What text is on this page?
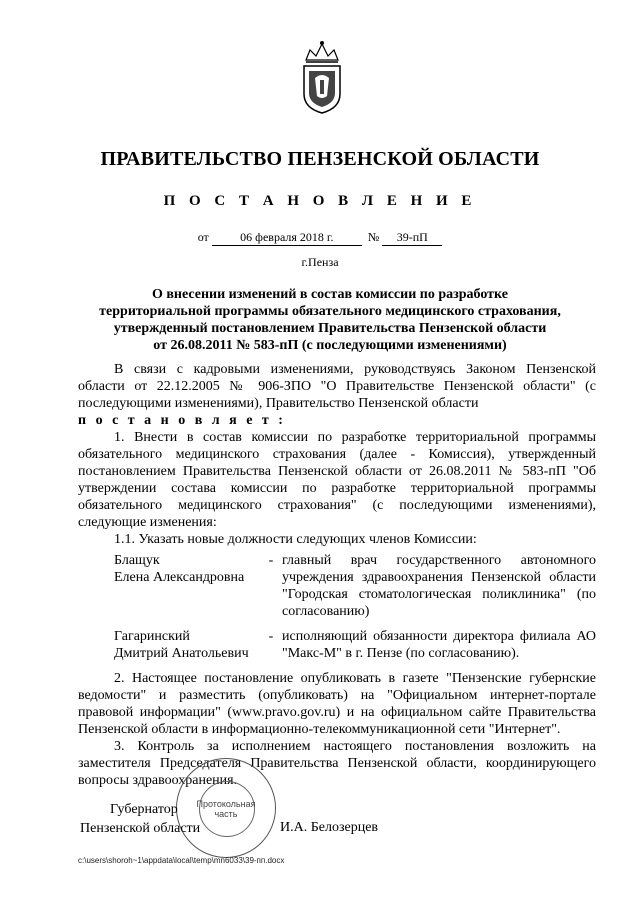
ПРАВИТЕЛЬСТВО ПЕНЗЕНСКОЙ ОБЛАСТИ
П О С Т А Н О В Л Е Н И Е
от	06 февраля 2018 г.	№ 39-пП
г.Пенза
О внесении изменений в состав комиссии по разработке
территориальной программы обязательного медицинского страхования,
утвержденный постановлением Правительства Пензенской области
от 26.08.2011 № 583-пП (с последующими изменениями)

В связи с кадровыми изменениями, руководствуясь Законом Пензенской области от 22.12.2005 № 906-ЗПО "О Правительстве Пензенской области" (с последующими изменениями), Правительство Пензенской области

п о с т а н о в л я е т :

1. Внести в состав комиссии по разработке территориальной программы обязательного медицинского страхования (далее - Комиссия), утвержденный постановлением Правительства Пензенской области от 26.08.2011 № 583-пП "Об утверждении состава комиссии по разработке территориальной программы обязательного медицинского страхования" (с последующими изменениями), следующие изменения:

1.1. Указать новые должности следующих членов Комиссии:

Блащук
Елена Александровна
- главный врач государственного автономного учреждения здравоохранения Пензенской области "Городская стоматологическая поликлиника" (по согласованию)
Гагаринский
Дмитрий Анатольевич
- исполняющий обязанности директора филиала АО "Макс-М" в г. Пензе (по согласованию).

2. Настоящее постановление опубликовать в газете "Пензенские губернские ведомости" и разместить (опубликовать) на "Официальном интернет-портале правовой информации" (www.pravo.gov.ru) и на официальном сайте Правительства Пензенской области в информационно-телекоммуникационной сети "Интернет".

3. Контроль за исполнением настоящего постановления возложить на заместителя Председателя Правительства Пензенской области, координирующего вопросы здравоохранения.

Протокольная
часть
Губернатор
Пензенской области	И.А. Белозерцев
c:\users\shoroh~1\appdata\local\temp\mn6033\39-пп.docx
